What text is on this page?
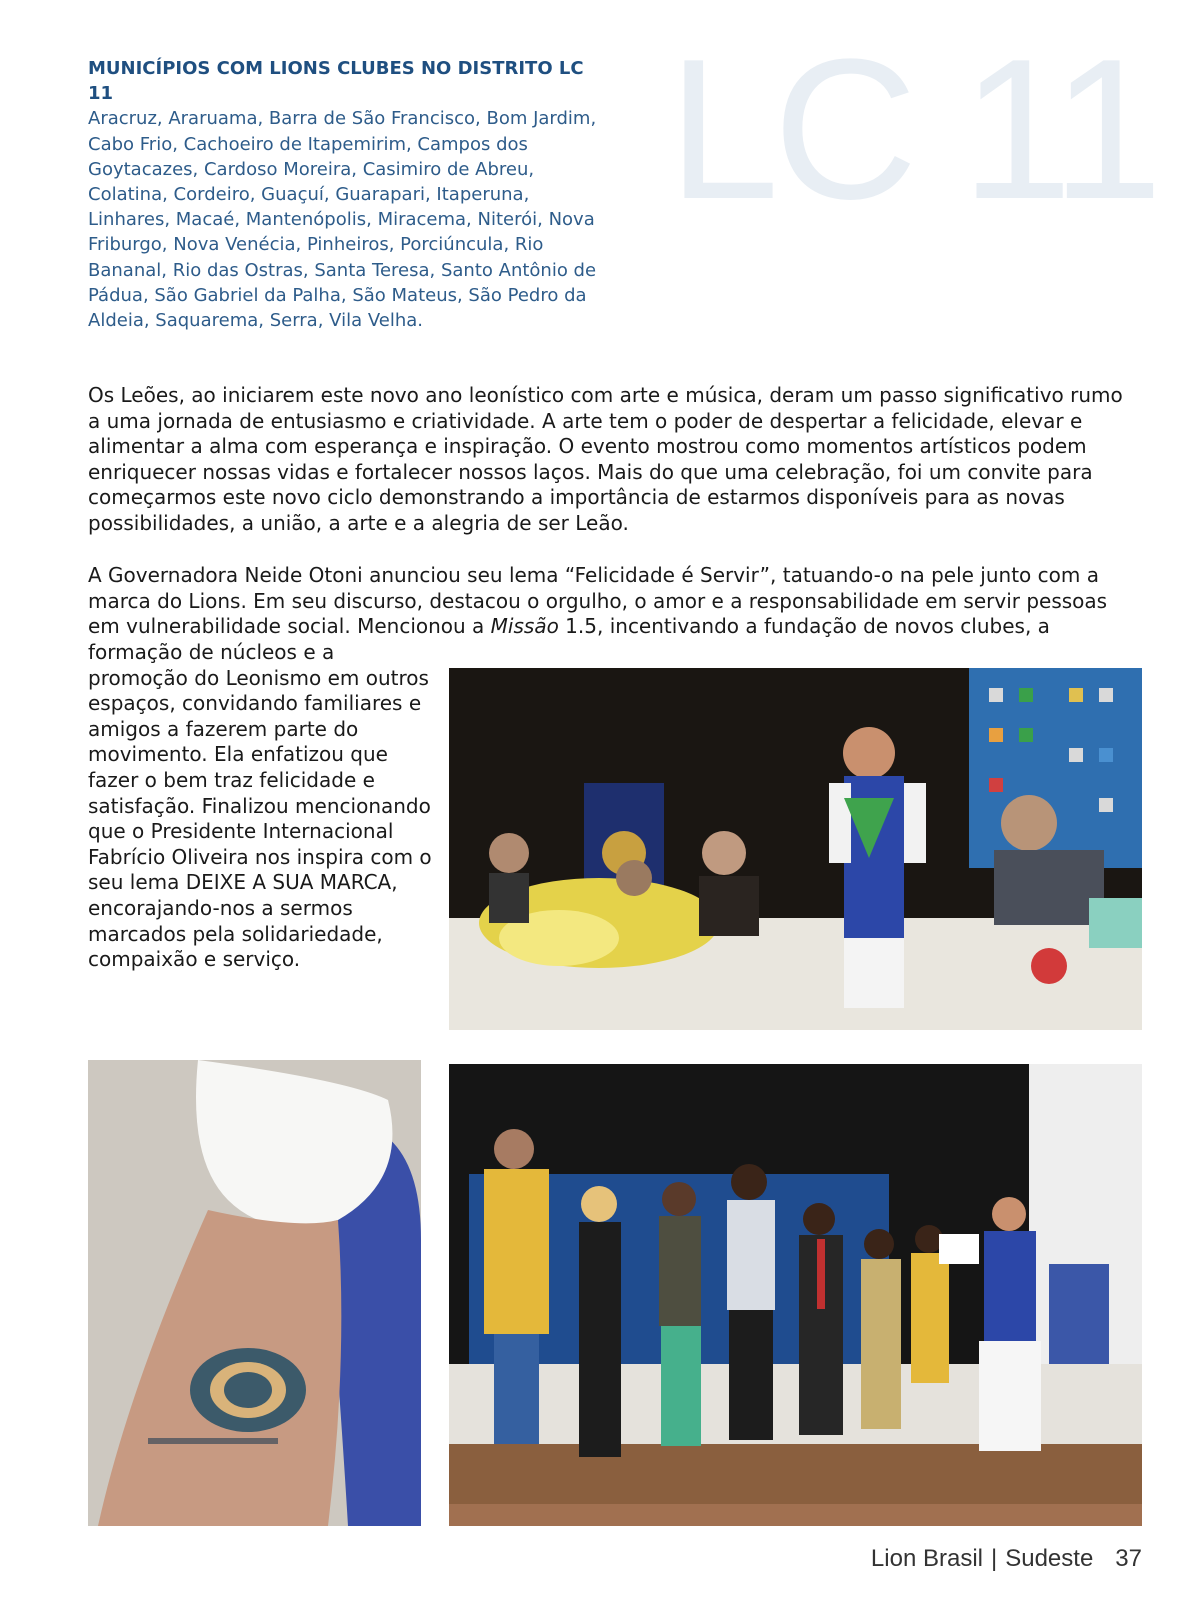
MUNICÍPIOS COM LIONS CLUBES NO DISTRITO LC 11
Aracruz, Araruama, Barra de São Francisco, Bom Jardim, Cabo Frio, Cachoeiro de Itapemirim, Campos dos Goytacazes, Cardoso Moreira, Casimiro de Abreu, Colatina, Cordeiro, Guaçuí, Guarapari, Itaperuna, Linhares, Macaé, Mantenópolis, Miracema, Niterói, Nova Friburgo, Nova Venécia, Pinheiros, Porciúncula, Rio Bananal, Rio das Ostras, Santa Teresa, Santo Antônio de Pádua, São Gabriel da Palha, São Mateus, São Pedro da Aldeia, Saquarema, Serra, Vila Velha.
LC 11

Os Leões, ao iniciarem este novo ano leonístico com arte e música, deram um passo significativo rumo a uma jornada de entusiasmo e criatividade. A arte tem o poder de despertar a felicidade, elevar e alimentar a alma com esperança e inspiração. O evento mostrou como momentos artísticos podem enriquecer nossas vidas e fortalecer nossos laços. Mais do que uma celebração, foi um convite para começarmos este novo ciclo demonstrando a importância de estarmos disponíveis para as novas possibilidades, a união, a arte e a alegria de ser Leão.

A Governadora Neide Otoni anunciou seu lema “Felicidade é Servir”, tatuando-o na pele junto com a marca do Lions. Em seu discurso, destacou o orgulho, o amor e a responsabilidade em servir pessoas em vulnerabilidade social. Mencionou a Missão 1.5, incentivando a fundação de novos clubes, a

formação de núcleos e a promoção do Leonismo em outros espaços, convidando familiares e amigos a fazerem parte do movimento. Ela enfatizou que fazer o bem traz felicidade e satisfação. Finalizou mencionando que o Presidente Internacional Fabrício Oliveira nos inspira com o seu lema DEIXE A SUA MARCA, encorajando-nos a sermos marcados pela solidariedade, compaixão e serviço.

Lion Brasil | Sudeste 37
